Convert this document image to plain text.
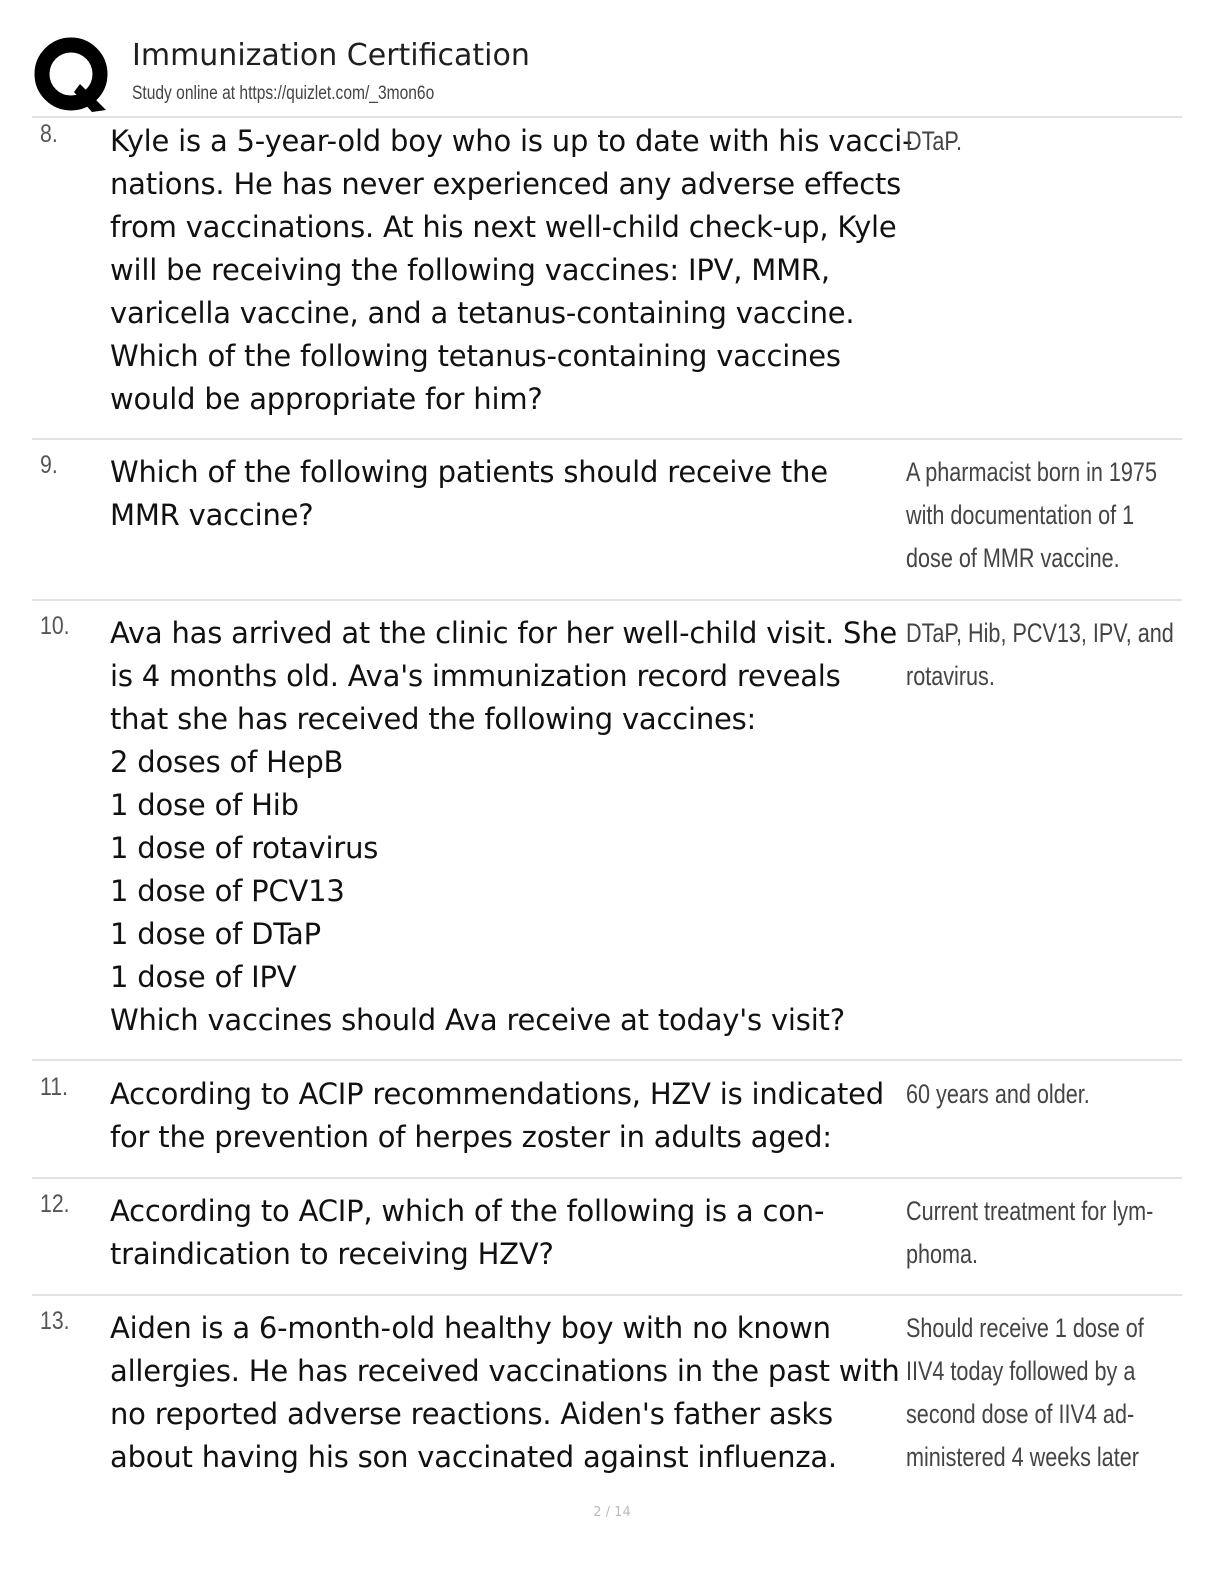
Immunization Certification
Study online at https://quizlet.com/_3mon6o
8. Kyle is a 5-year-old boy who is up to date with his vacci-

nations. He has never experienced any adverse effects

from vaccinations. At his next well-child check-up, Kyle

will be receiving the following vaccines: IPV, MMR,

varicella vaccine, and a tetanus-containing vaccine.

Which of the following tetanus-containing vaccines

would be appropriate for him?

DTaP.

9. Which of the following patients should receive the

MMR vaccine?

A pharmacist born in 1975

with documentation of 1

dose of MMR vaccine.

10. Ava has arrived at the clinic for her well-child visit. She

is 4 months old. Ava's immunization record reveals

that she has received the following vaccines:

2 doses of HepB

1 dose of Hib

1 dose of rotavirus

1 dose of PCV13

1 dose of DTaP

1 dose of IPV

Which vaccines should Ava receive at today's visit?

DTaP, Hib, PCV13, IPV, and

rotavirus.

11. According to ACIP recommendations, HZV is indicated

for the prevention of herpes zoster in adults aged:

60 years and older.

12. According to ACIP, which of the following is a con-

traindication to receiving HZV?

Current treatment for lym-

phoma.

13. Aiden is a 6-month-old healthy boy with no known

allergies. He has received vaccinations in the past with

no reported adverse reactions. Aiden's father asks

about having his son vaccinated against influenza.

Should receive 1 dose of

IIV4 today followed by a

second dose of IIV4 ad-

ministered 4 weeks later

2 / 14
